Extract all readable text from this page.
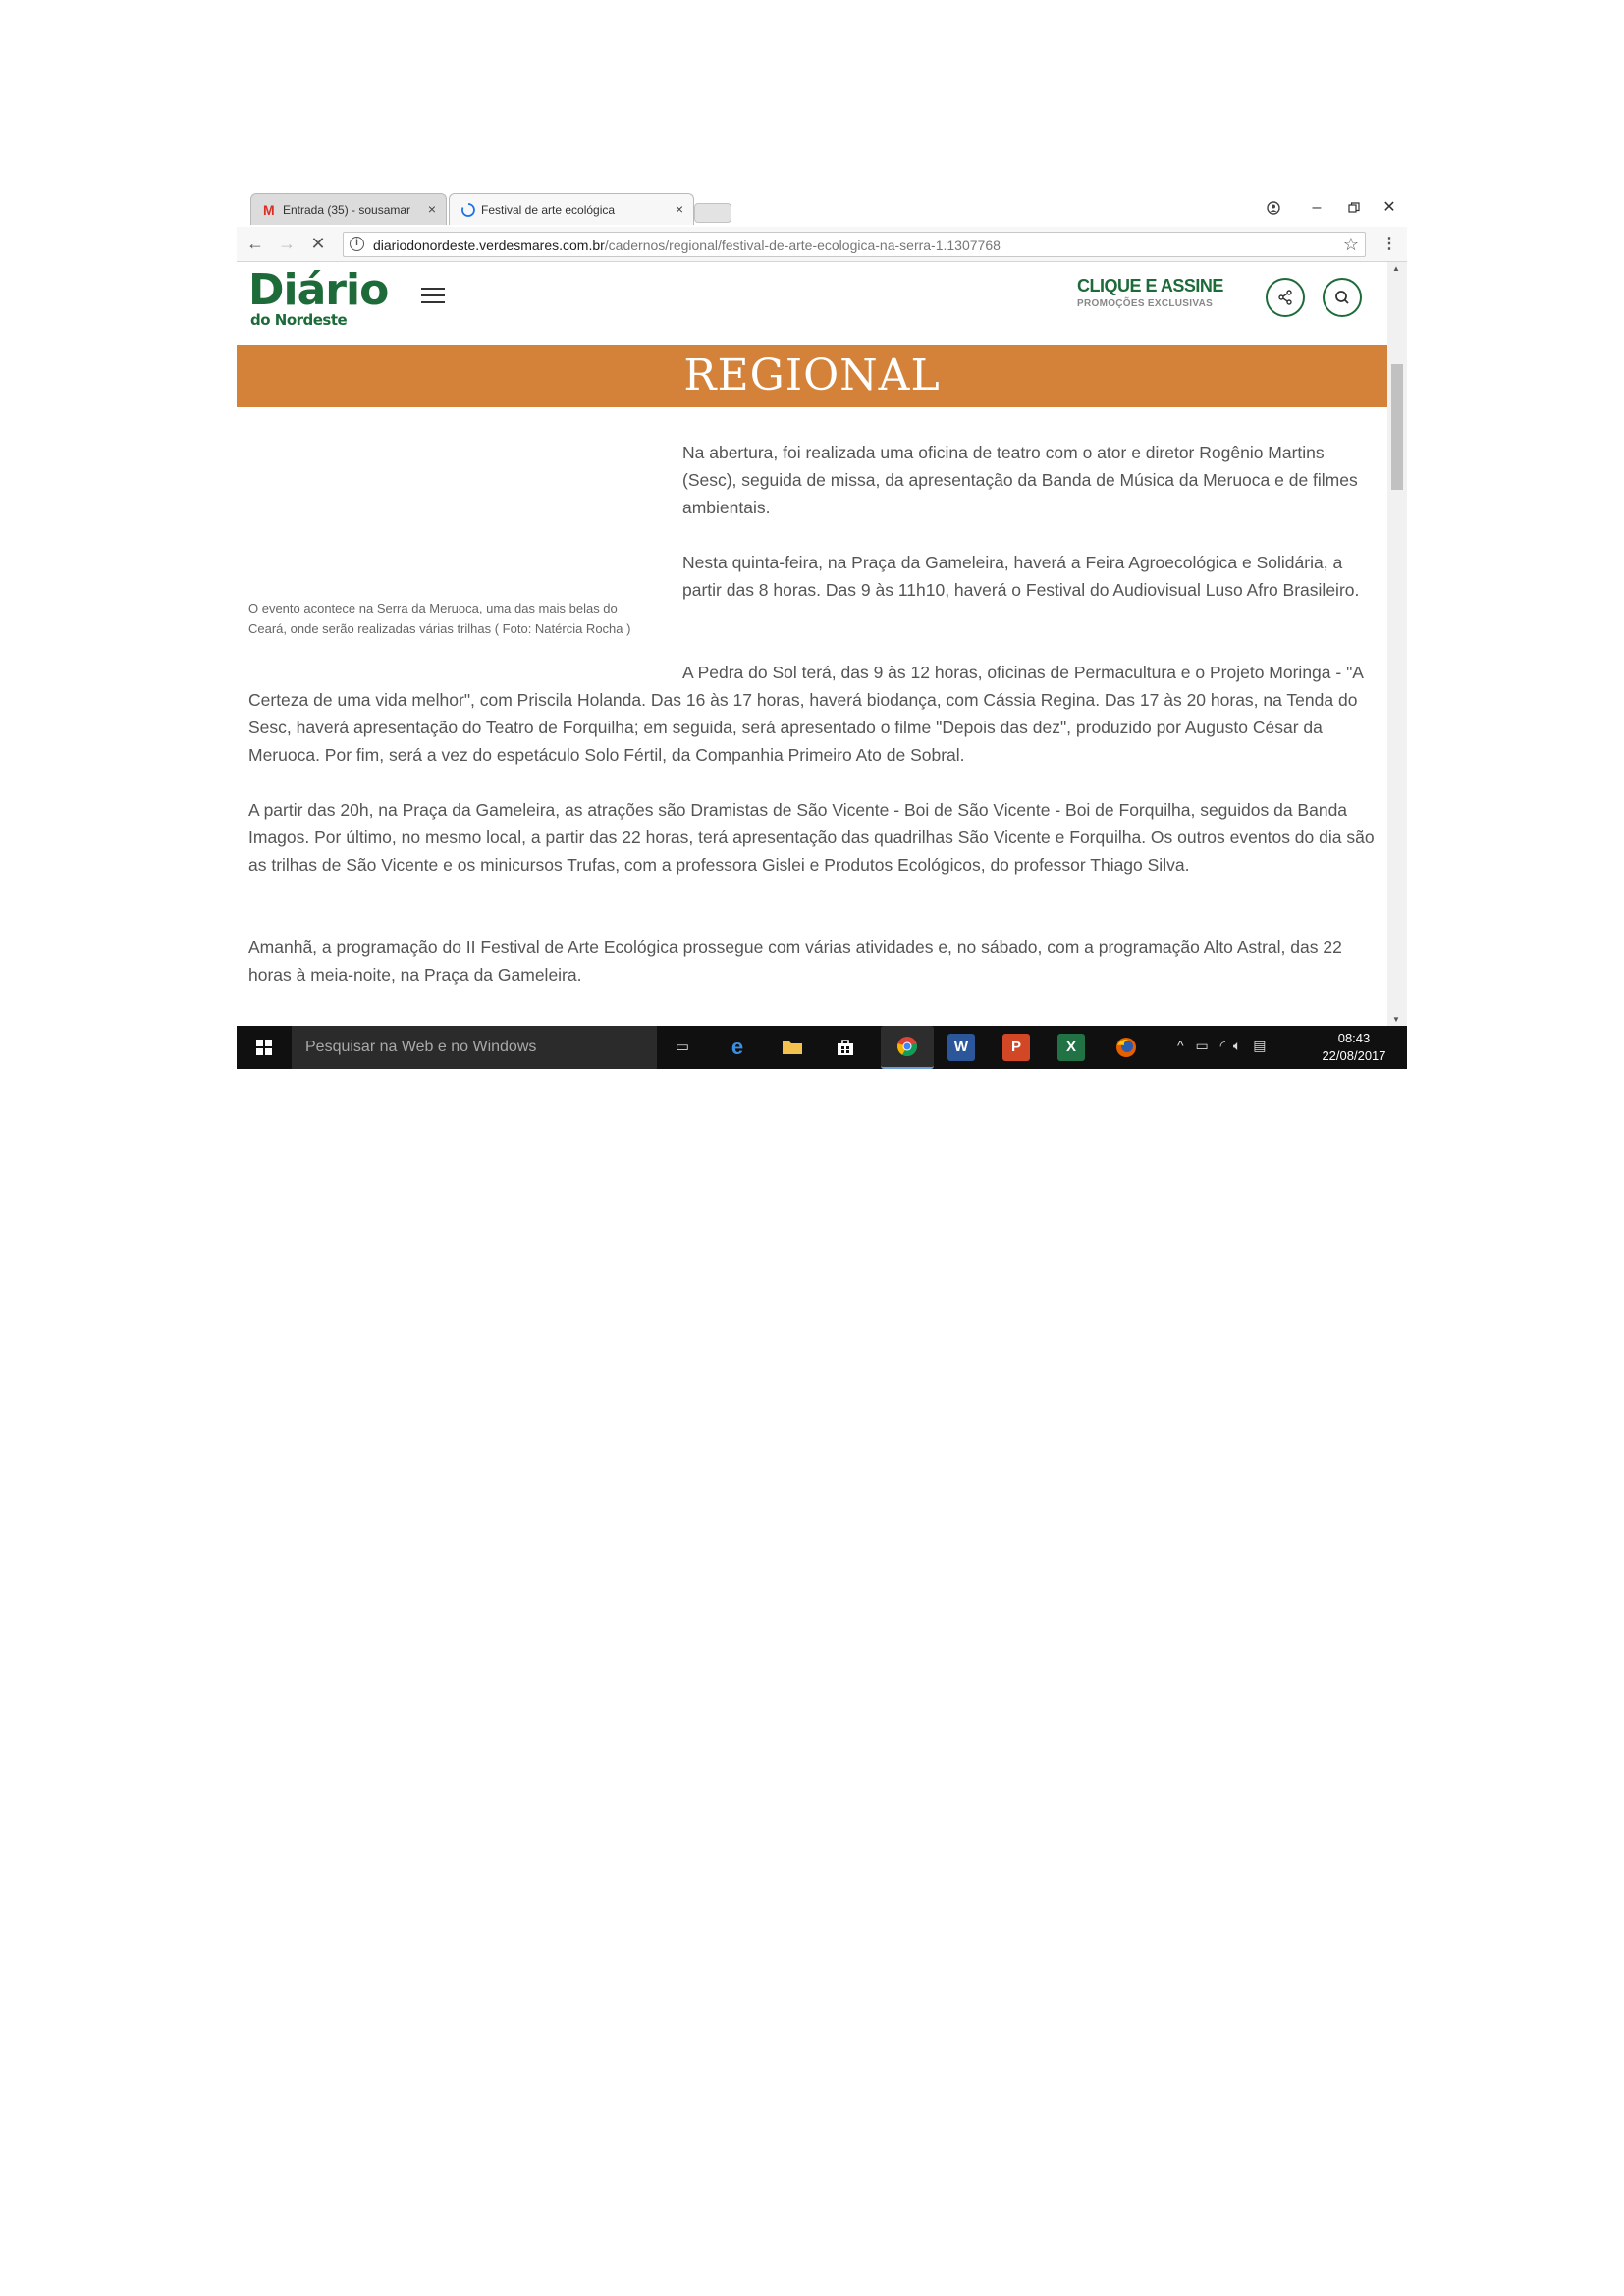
M Entrada (35) - sousamar ×	Festival de arte ecológica	×	–	✕
← → ✕	i	diariodonordeste.verdesmares.com.br/cadernos/regional/festival-de-arte-ecologica-na-serra-1.1307768	☆ ⋮
Diário
do Nordeste
CLIQUE E ASSINE
PROMOÇÕES EXCLUSIVAS
REGIONAL
O evento acontece na Serra da Meruoca, uma das mais belas do Ceará, onde serão realizadas várias trilhas ( Foto: Natércia Rocha )
Na abertura, foi realizada uma oficina de teatro com o ator e diretor Rogênio Martins (Sesc), seguida de missa, da apresentação da Banda de Música da Meruoca e de filmes ambientais.
Nesta quinta-feira, na Praça da Gameleira, haverá a Feira Agroecológica e Solidária, a partir das 8 horas. Das 9 às 11h10, haverá o Festival do Audiovisual Luso Afro Brasileiro.
A Pedra do Sol terá, das 9 às 12 horas, oficinas de Permacultura e o Projeto Moringa - "A Certeza de uma vida melhor", com Priscila Holanda. Das 16 às 17 horas, haverá biodança, com Cássia Regina. Das 17 às 20 horas, na Tenda do Sesc, haverá apresentação do Teatro de Forquilha; em seguida, será apresentado o filme "Depois das dez", produzido por Augusto César da Meruoca. Por fim, será a vez do espetáculo Solo Fértil, da Companhia Primeiro Ato de Sobral.
A partir das 20h, na Praça da Gameleira, as atrações são Dramistas de São Vicente - Boi de São Vicente - Boi de Forquilha, seguidos da Banda Imagos. Por último, no mesmo local, a partir das 22 horas, terá apresentação das quadrilhas São Vicente e Forquilha. Os outros eventos do dia são as trilhas de São Vicente e os minicursos Trufas, com a professora Gislei e Produtos Ecológicos, do professor Thiago Silva.
Amanhã, a programação do II Festival de Arte Ecológica prossegue com várias atividades e, no sábado, com a programação Alto Astral, das 22 horas à meia-noite, na Praça da Gameleira.
▲
▼
Pesquisar na Web e no Windows	▭	e	W	P	X	^ ▭ ◜ 🔈︎ ▤	08:43
22/08/2017
